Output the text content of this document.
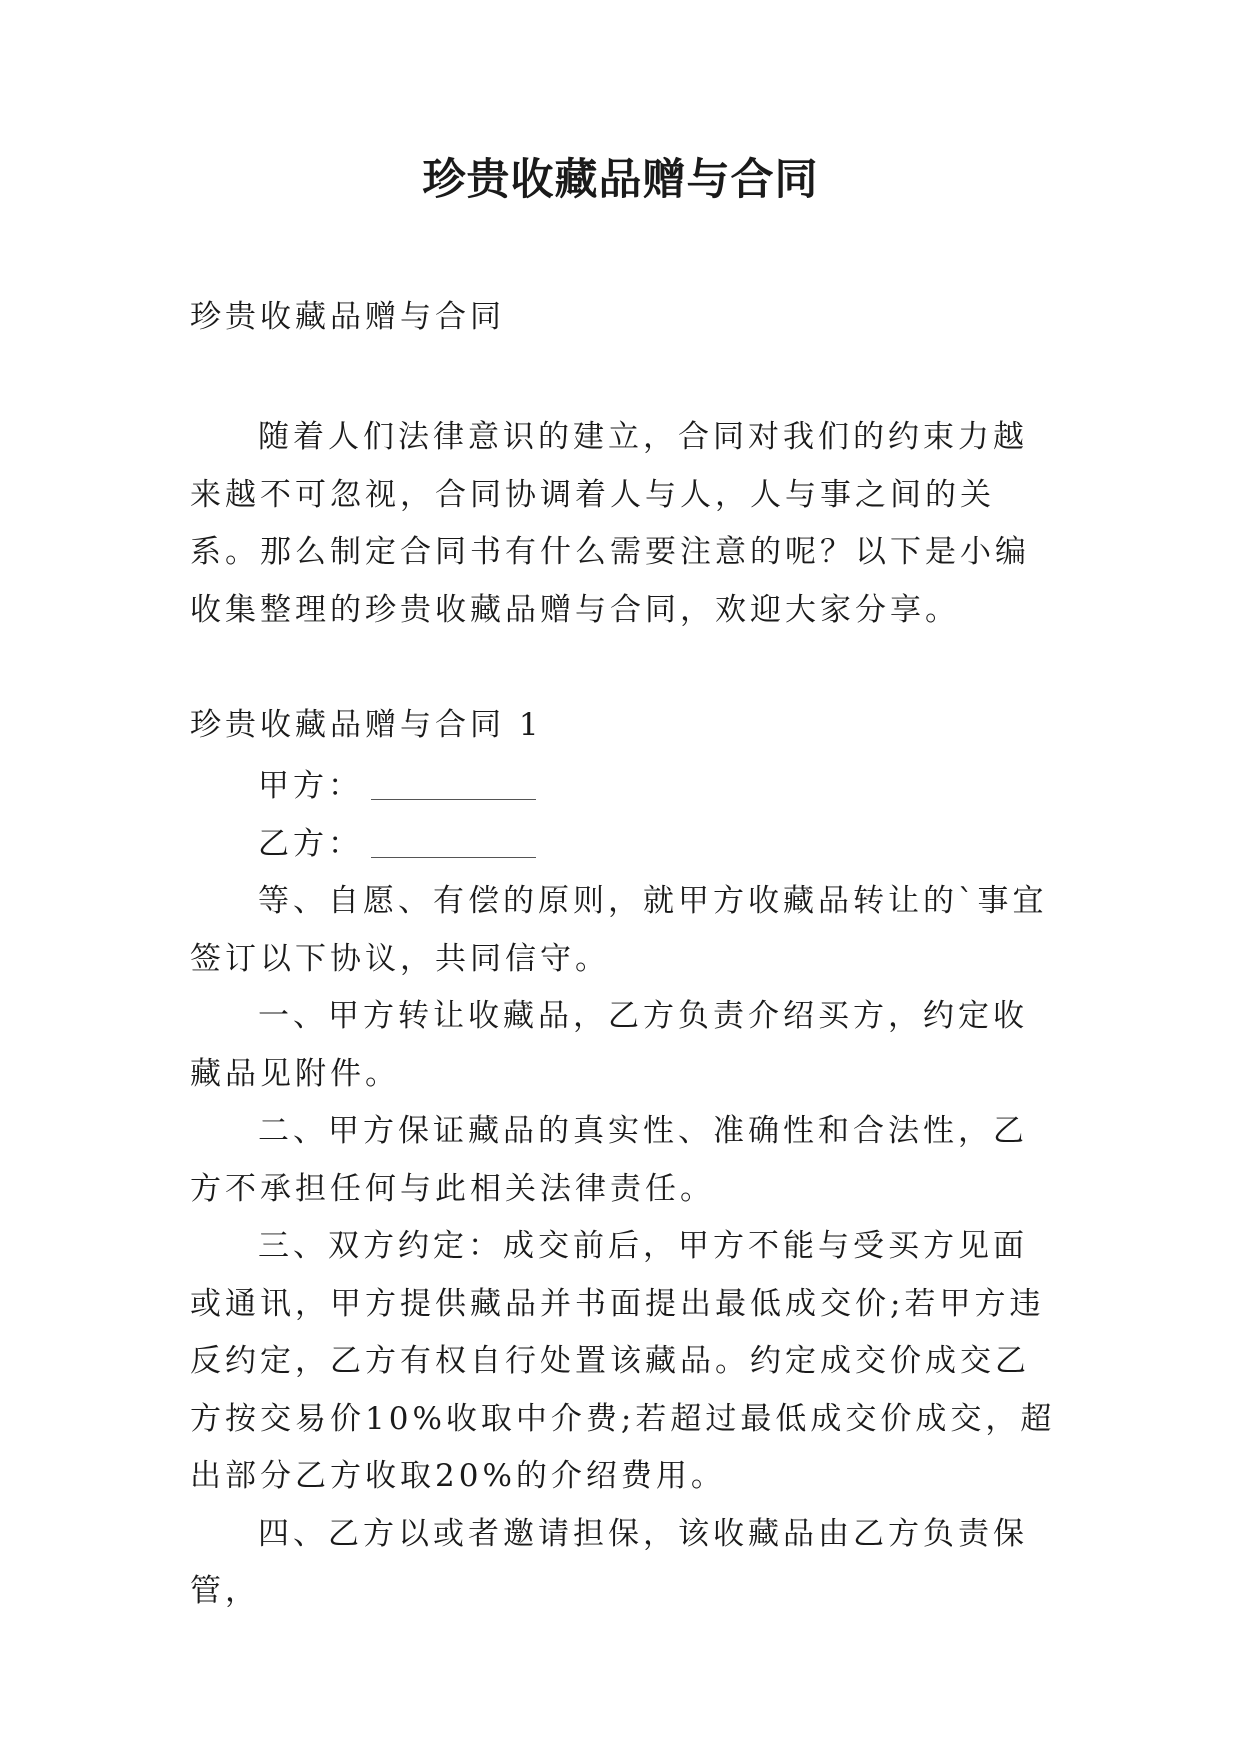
珍贵收藏品赠与合同
珍贵收藏品赠与合同

随着人们法律意识的建立，合同对我们的约束力越来越不可忽视，合同协调着人与人，人与事之间的关系。那么制定合同书有什么需要注意的呢？以下是小编收集整理的珍贵收藏品赠与合同，欢迎大家分享。

珍贵收藏品赠与合同 1

甲方：

乙方：

等、自愿、有偿的原则，就甲方收藏品转让的`事宜签订以下协议，共同信守。

一、甲方转让收藏品，乙方负责介绍买方，约定收藏品见附件。

二、甲方保证藏品的真实性、准确性和合法性，乙方不承担任何与此相关法律责任。

三、双方约定：成交前后，甲方不能与受买方见面或通讯，甲方提供藏品并书面提出最低成交价;若甲方违反约定，乙方有权自行处置该藏品。约定成交价成交乙方按交易价10%收取中介费;若超过最低成交价成交，超出部分乙方收取20%的介绍费用。

四、乙方以或者邀请担保，该收藏品由乙方负责保管，
